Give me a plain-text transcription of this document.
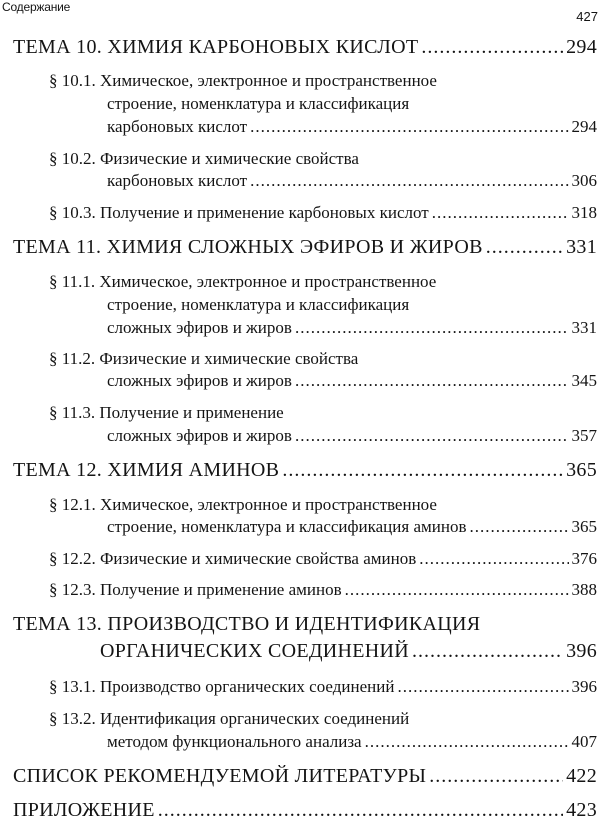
Содержание
427
ТЕМА 10. ХИМИЯ КАРБОНОВЫХ КИСЛОТ .....	294
§ 10.1. Химическое, электронное и пространственное
строение, номенклатура и классификация
карбоновых кислот .....	294
§ 10.2. Физические и химические свойства
карбоновых кислот .....	306
§ 10.3. Получение и применение карбоновых кислот .....	318
ТЕМА 11. ХИМИЯ СЛОЖНЫХ ЭФИРОВ И ЖИРОВ .....	331
§ 11.1. Химическое, электронное и пространственное
строение, номенклатура и классификация
сложных эфиров и жиров .....	331
§ 11.2. Физические и химические свойства
сложных эфиров и жиров .....	345
§ 11.3. Получение и применение
сложных эфиров и жиров .....	357
ТЕМА 12. ХИМИЯ АМИНОВ .....	365
§ 12.1. Химическое, электронное и пространственное
строение, номенклатура и классификация аминов .....	365
§ 12.2. Физические и химические свойства аминов .....	376
§ 12.3. Получение и применение аминов .....	388
ТЕМА 13. ПРОИЗВОДСТВО И ИДЕНТИФИКАЦИЯ
ОРГАНИЧЕСКИХ СОЕДИНЕНИЙ .....	396
§ 13.1. Производство органических соединений .....	396
§ 13.2. Идентификация органических соединений
методом функционального анализа .....	407
СПИСОК РЕКОМЕНДУЕМОЙ ЛИТЕРАТУРЫ .....	422
ПРИЛОЖЕНИЕ .....	423
